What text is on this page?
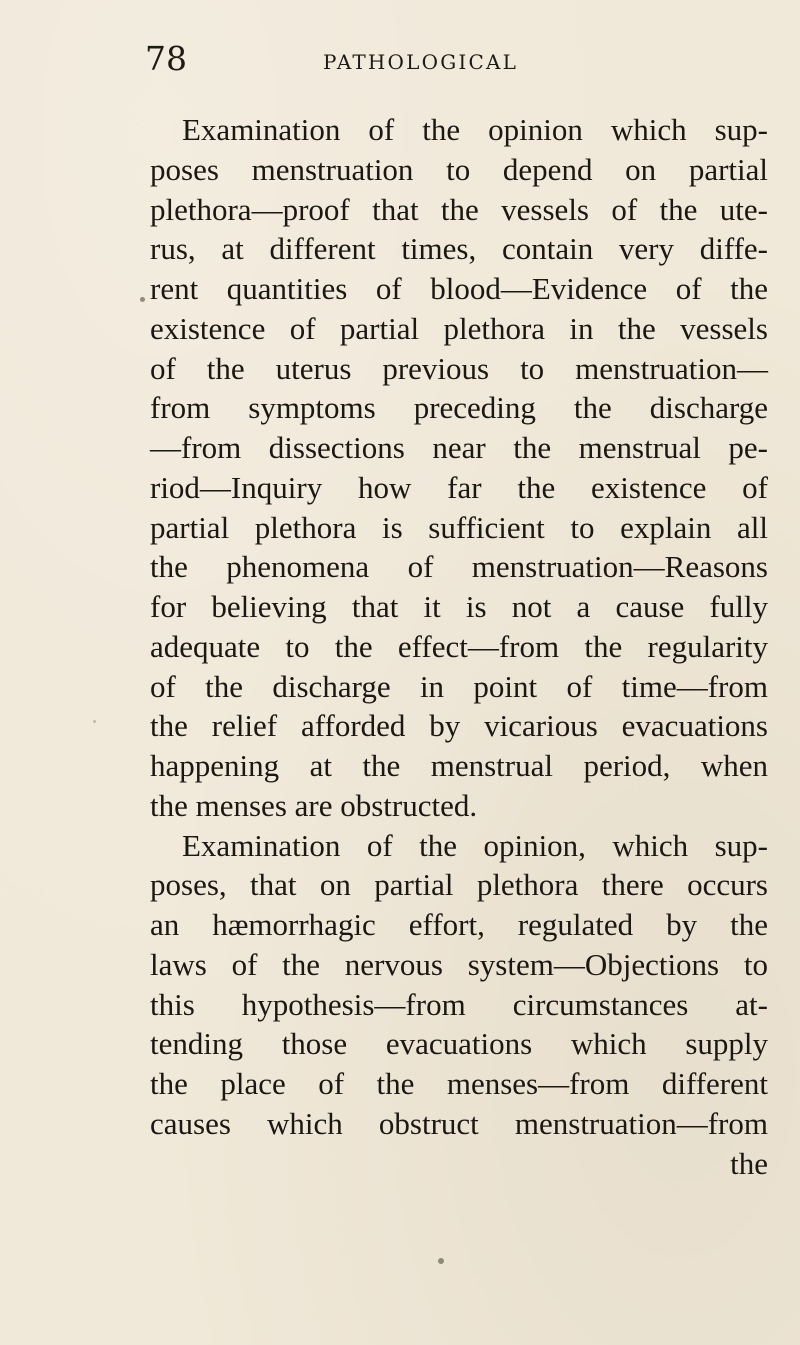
78	PATHOLOGICAL
Examination of the opinion which sup-
poses menstruation to depend on partial
plethora—proof that the vessels of the ute-
rus, at different times, contain very diffe-
rent quantities of blood—Evidence of the
existence of partial plethora in the vessels
of the uterus previous to menstruation—
from symptoms preceding the discharge
—from dissections near the menstrual pe-
riod—Inquiry how far the existence of
partial plethora is sufficient to explain all
the phenomena of menstruation—Reasons
for believing that it is not a cause fully
adequate to the effect—from the regularity
of the discharge in point of time—from
the relief afforded by vicarious evacuations
happening at the menstrual period, when
the menses are obstructed.
Examination of the opinion, which sup-
poses, that on partial plethora there occurs
an hæmorrhagic effort, regulated by the
laws of the nervous system—Objections to
this hypothesis—from circumstances at-
tending those evacuations which supply
the place of the menses—from different
causes which obstruct menstruation—from
the
